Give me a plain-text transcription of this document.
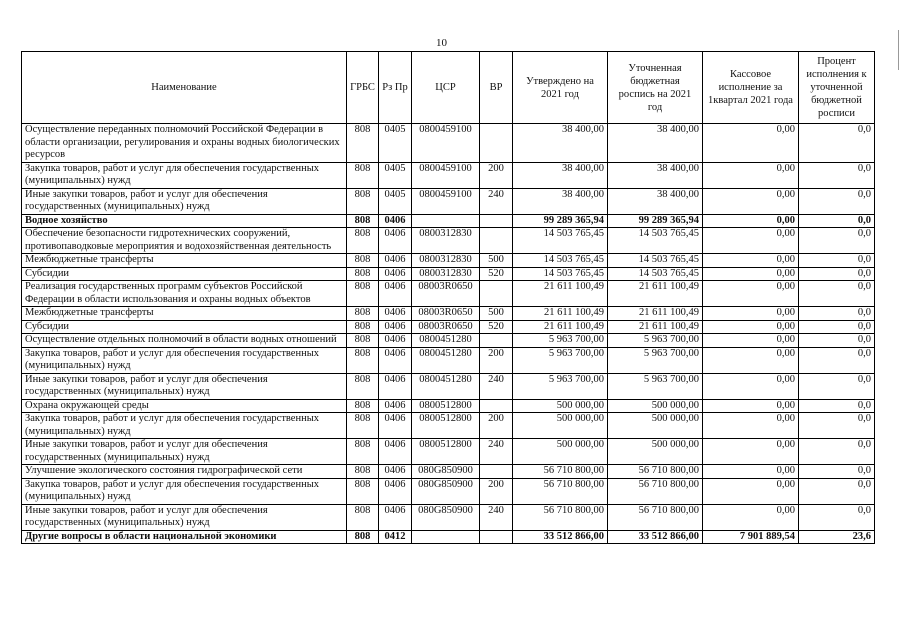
10
Наименование	ГРБС	Рз Пр	ЦСР	ВР	Утверждено на 2021 год	Уточненная бюджетная роспись на 2021 год	Кассовое исполнение за 1квартал 2021 года	Процент исполнения к уточненной бюджетной росписи
Осуществление переданных полномочий Российской Федерации в области организации, регулирования и охраны водных биологических ресурсов	808	0405	0800459100		38 400,00	38 400,00	0,00	0,0
Закупка товаров, работ и услуг для обеспечения государственных (муниципальных) нужд	808	0405	0800459100	200	38 400,00	38 400,00	0,00	0,0
Иные закупки товаров, работ и услуг для обеспечения государственных (муниципальных) нужд	808	0405	0800459100	240	38 400,00	38 400,00	0,00	0,0
Водное хозяйство	808	0406			99 289 365,94	99 289 365,94	0,00	0,0
Обеспечение безопасности гидротехнических сооружений, противопаводковые мероприятия и водохозяйственная деятельность	808	0406	0800312830		14 503 765,45	14 503 765,45	0,00	0,0
Межбюджетные трансферты	808	0406	0800312830	500	14 503 765,45	14 503 765,45	0,00	0,0
Субсидии	808	0406	0800312830	520	14 503 765,45	14 503 765,45	0,00	0,0
Реализация государственных программ субъектов Российской Федерации в области использования и охраны водных объектов	808	0406	08003R0650		21 611 100,49	21 611 100,49	0,00	0,0
Межбюджетные трансферты	808	0406	08003R0650	500	21 611 100,49	21 611 100,49	0,00	0,0
Субсидии	808	0406	08003R0650	520	21 611 100,49	21 611 100,49	0,00	0,0
Осуществление отдельных полномочий в области водных отношений	808	0406	0800451280		5 963 700,00	5 963 700,00	0,00	0,0
Закупка товаров, работ и услуг для обеспечения государственных (муниципальных) нужд	808	0406	0800451280	200	5 963 700,00	5 963 700,00	0,00	0,0
Иные закупки товаров, работ и услуг для обеспечения государственных (муниципальных) нужд	808	0406	0800451280	240	5 963 700,00	5 963 700,00	0,00	0,0
Охрана окружающей среды	808	0406	0800512800		500 000,00	500 000,00	0,00	0,0
Закупка товаров, работ и услуг для обеспечения государственных (муниципальных) нужд	808	0406	0800512800	200	500 000,00	500 000,00	0,00	0,0
Иные закупки товаров, работ и услуг для обеспечения государственных (муниципальных) нужд	808	0406	0800512800	240	500 000,00	500 000,00	0,00	0,0
Улучшение экологического состояния гидрографической сети	808	0406	080G850900		56 710 800,00	56 710 800,00	0,00	0,0
Закупка товаров, работ и услуг для обеспечения государственных (муниципальных) нужд	808	0406	080G850900	200	56 710 800,00	56 710 800,00	0,00	0,0
Иные закупки товаров, работ и услуг для обеспечения государственных (муниципальных) нужд	808	0406	080G850900	240	56 710 800,00	56 710 800,00	0,00	0,0
Другие вопросы в области национальной экономики	808	0412			33 512 866,00	33 512 866,00	7 901 889,54	23,6
